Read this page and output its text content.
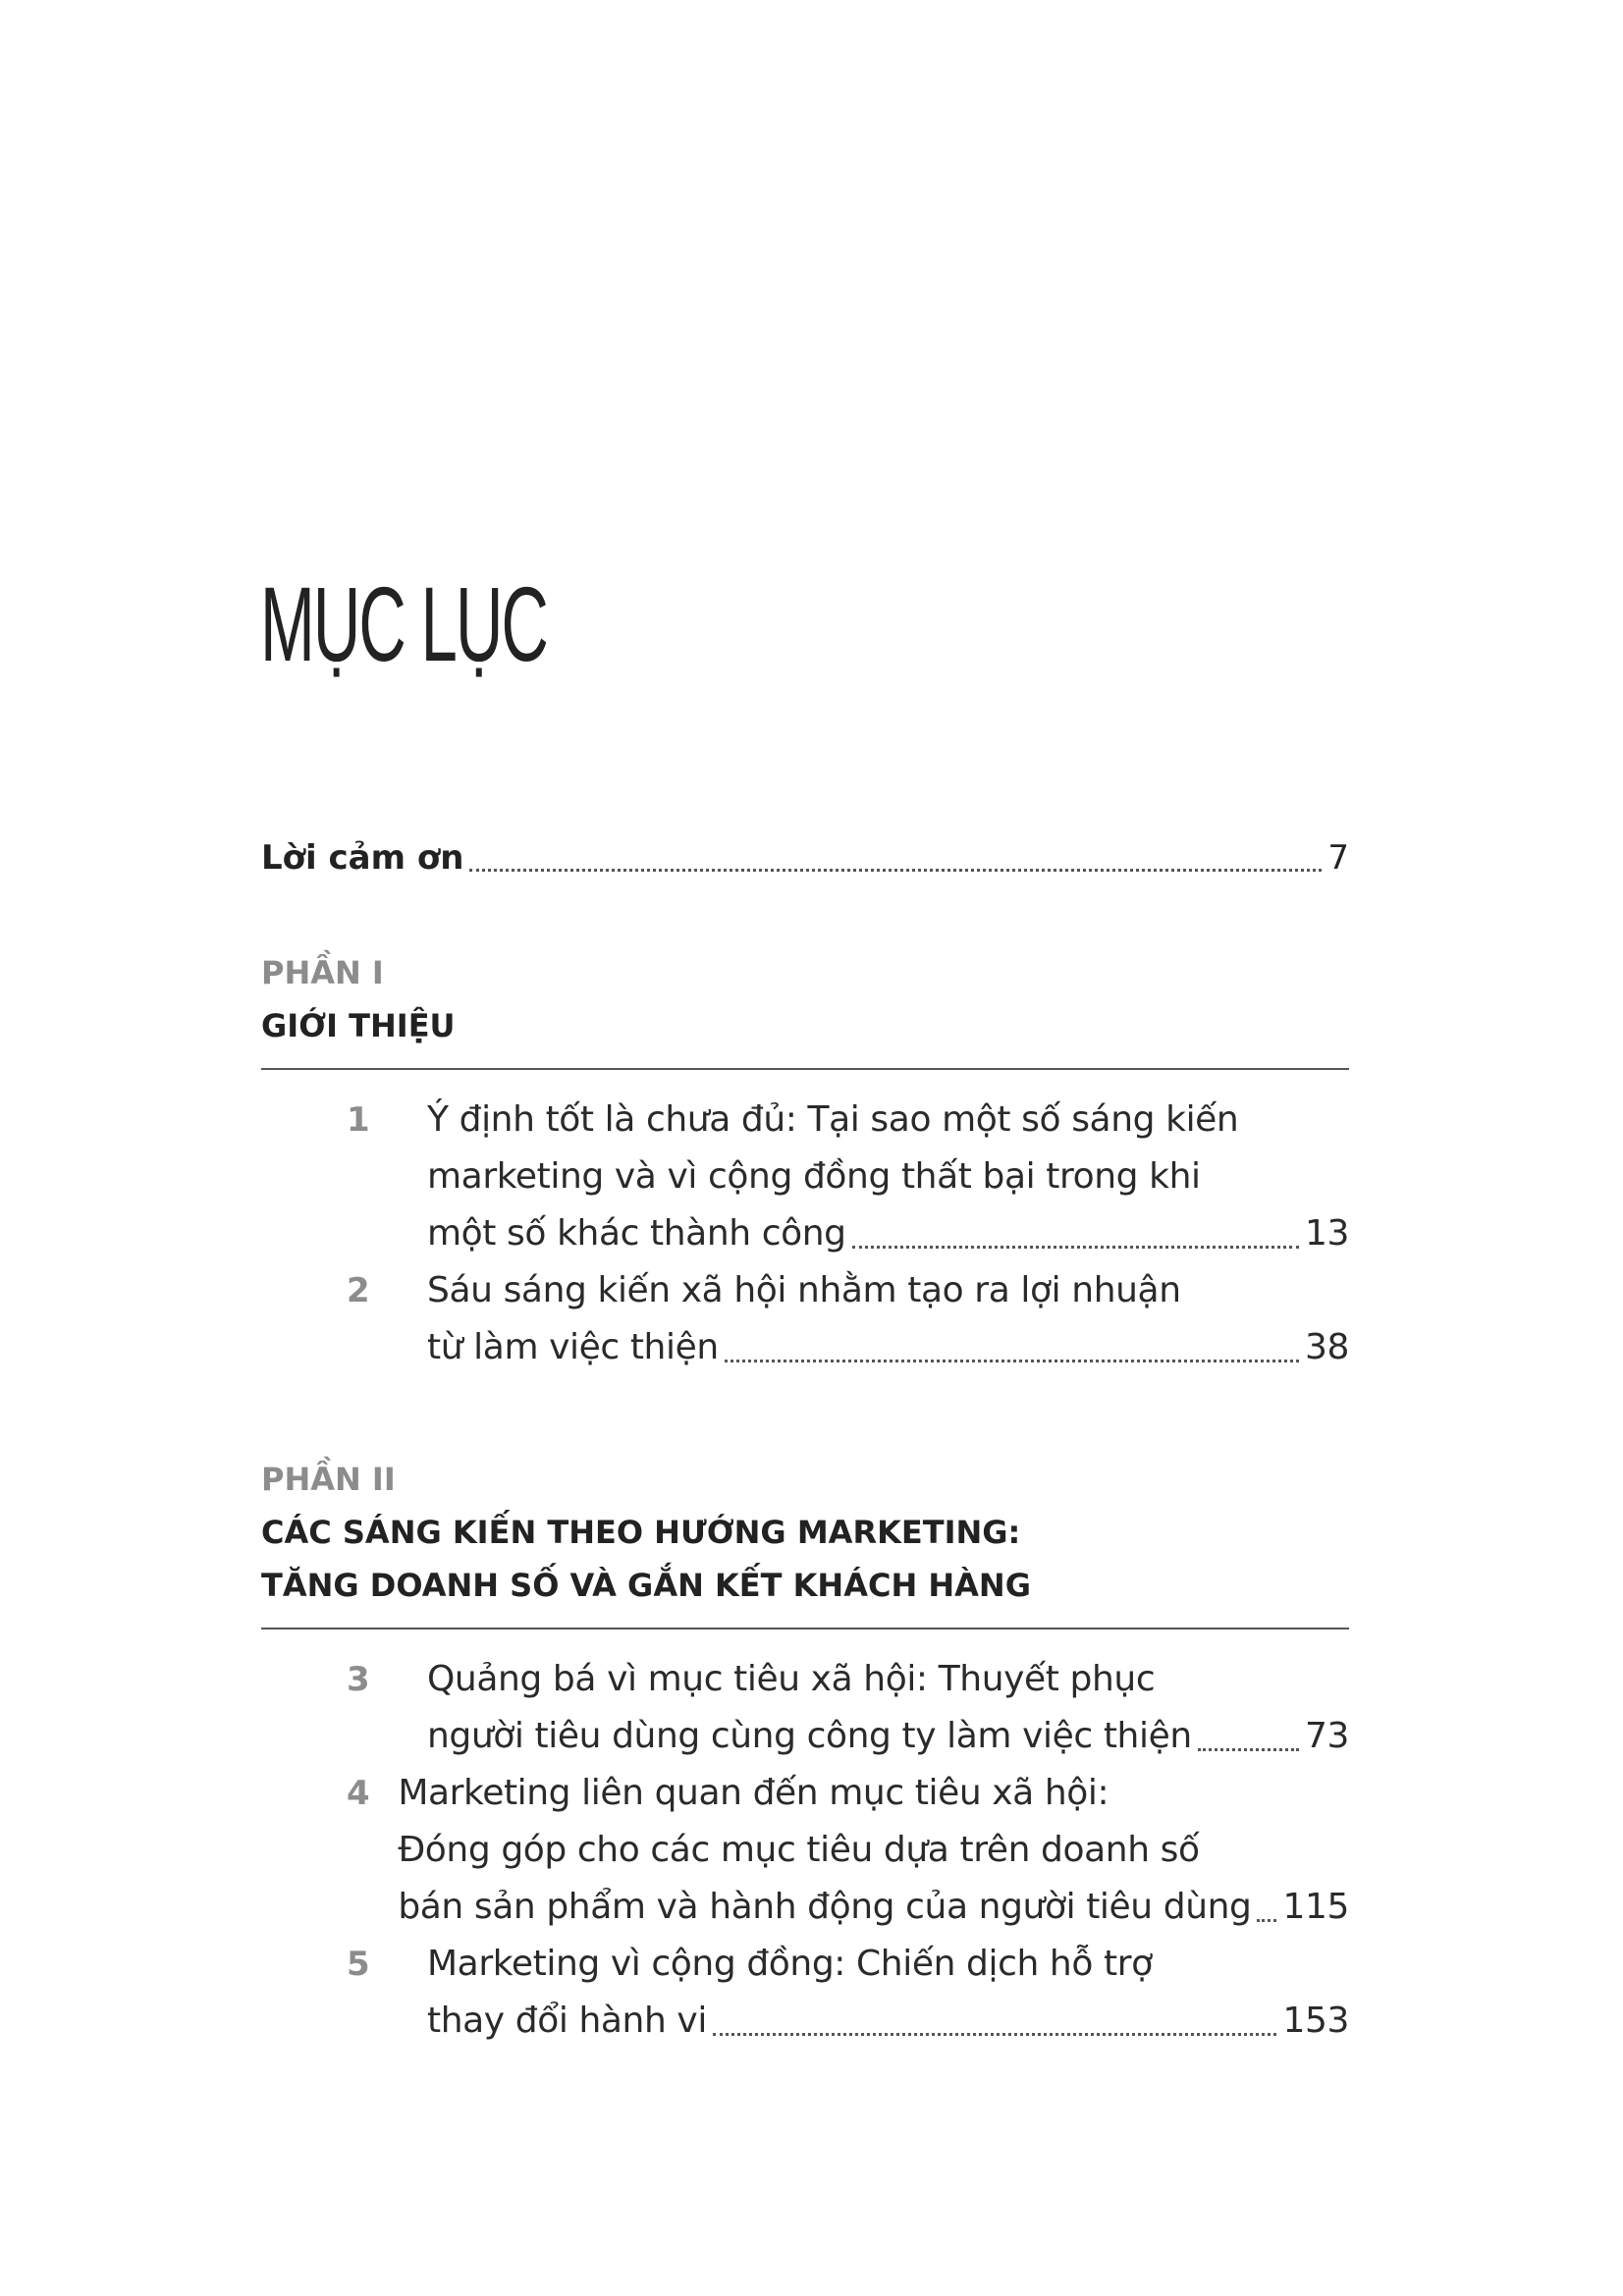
MỤC LỤC
Lời cảm ơn	7
PHẦN I
GIỚI THIỆU
1	Ý định tốt là chưa đủ: Tại sao một số sáng kiến
marketing và vì cộng đồng thất bại trong khi
một số khác thành công	13
2	Sáu sáng kiến xã hội nhằm tạo ra lợi nhuận
từ làm việc thiện	38
PHẦN II
CÁC SÁNG KIẾN THEO HƯỚNG MARKETING:
TĂNG DOANH SỐ VÀ GẮN KẾT KHÁCH HÀNG
3	Quảng bá vì mục tiêu xã hội: Thuyết phục
người tiêu dùng cùng công ty làm việc thiện	73
4 Marketing liên quan đến mục tiêu xã hội:
Đóng góp cho các mục tiêu dựa trên doanh số
bán sản phẩm và hành động của người tiêu dùng 115
5	Marketing vì cộng đồng: Chiến dịch hỗ trợ
thay đổi hành vi	153
